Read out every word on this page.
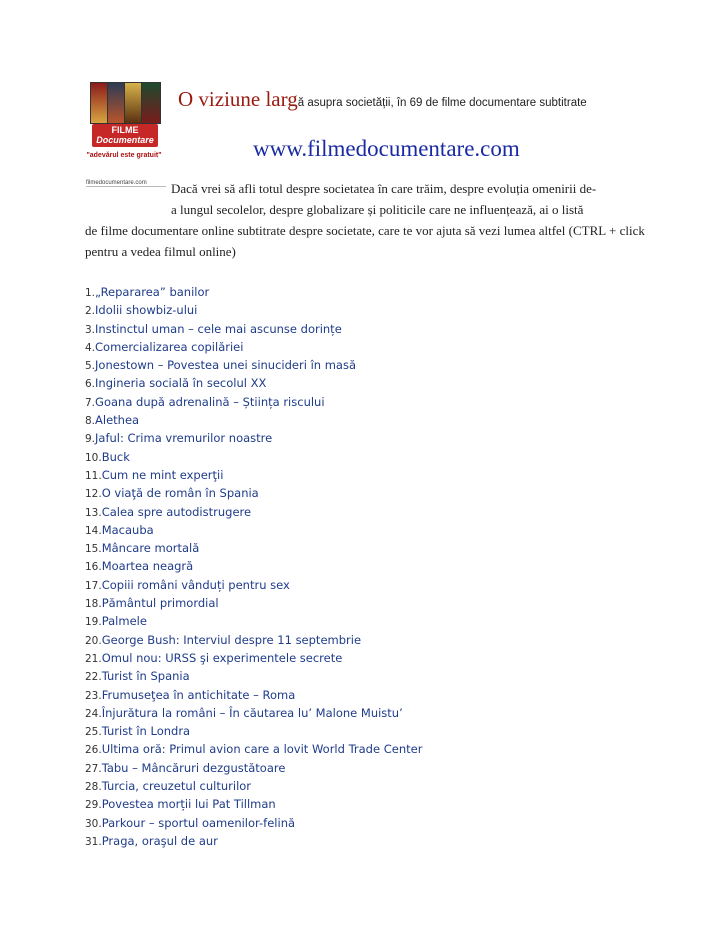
FILME
Documentare
"adevărul este gratuit"
filmedocumentare.com
O viziune largă asupra societății, în 69 de filme documentare subtitrate
www.filmedocumentare.com
Dacă vrei să afli totul despre societatea în care trăim, despre evoluția omenirii de-
a lungul secolelor, despre globalizare și politicile care ne influențează, ai o listă
de filme documentare online subtitrate despre societate, care te vor ajuta să vezi lumea altfel (CTRL + click pentru a vedea filmul online)
1.„Repararea” banilor
2.Idolii showbiz-ului
3.Instinctul uman – cele mai ascunse dorințe
4.Comercializarea copilăriei
5.Jonestown – Povestea unei sinucideri în masă
6.Ingineria socială în secolul XX
7.Goana după adrenalină – Știința riscului
8.Alethea
9.Jaful: Crima vremurilor noastre
10.Buck
11.Cum ne mint experţii
12.O viaţă de român în Spania
13.Calea spre autodistrugere
14.Macauba
15.Mâncare mortală
16.Moartea neagră
17.Copiii români vânduți pentru sex
18.Pământul primordial
19.Palmele
20.George Bush: Interviul despre 11 septembrie
21.Omul nou: URSS şi experimentele secrete
22.Turist în Spania
23.Frumuseţea în antichitate – Roma
24.Înjurătura la români – În căutarea lu’ Malone Muistu’
25.Turist în Londra
26.Ultima oră: Primul avion care a lovit World Trade Center
27.Tabu – Mâncăruri dezgustătoare
28.Turcia, creuzetul culturilor
29.Povestea morții lui Pat Tillman
30.Parkour – sportul oamenilor-felină
31.Praga, oraşul de aur
